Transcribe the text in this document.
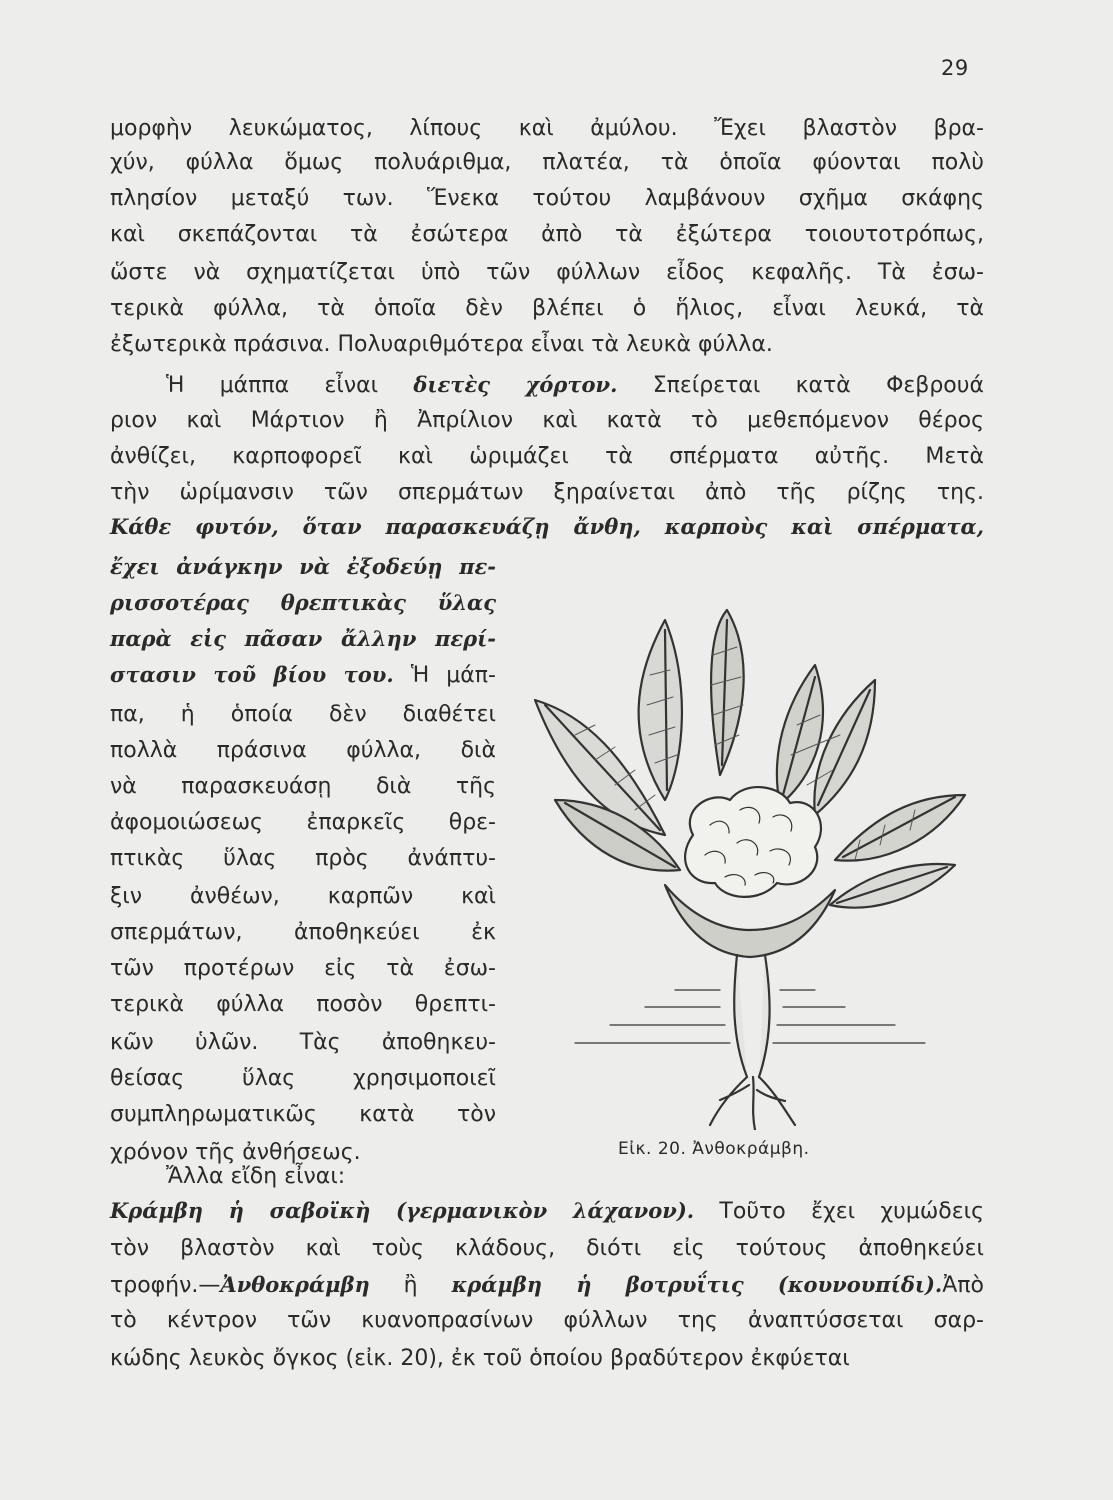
29
μορφὴν λευκώματος, λίπους καὶ ἀμύλου. Ἔχει βλαστὸν βρα-
χύν, φύλλα ὅμως πολυάριθμα, πλατέα, τὰ ὁποῖα φύονται πολὺ
πλησίον μεταξύ των. Ἕνεκα τούτου λαμβάνουν σχῆμα σκάφης
καὶ σκεπάζονται τὰ ἐσώτερα ἀπὸ τὰ ἐξώτερα τοιουτοτρόπως,
ὥστε νὰ σχηματίζεται ὑπὸ τῶν φύλλων εἶδος κεφαλῆς. Τὰ ἐσω-
τερικὰ φύλλα, τὰ ὁποῖα δὲν βλέπει ὁ ἥλιος, εἶναι λευκά, τὰ
ἐξωτερικὰ πράσινα. Πολυαριθμότερα εἶναι τὰ λευκὰ φύλλα.
Ἡ μάππα εἶναι διετὲς χόρτον. Σπείρεται κατὰ Φεβρουά
ριον καὶ Μάρτιον ἢ Ἀπρίλιον καὶ κατὰ τὸ μεθεπόμενον θέρος
ἀνθίζει, καρποφορεῖ καὶ ὡριμάζει τὰ σπέρματα αὐτῆς. Μετὰ
τὴν ὡρίμανσιν τῶν σπερμάτων ξηραίνεται ἀπὸ τῆς ρίζης της.
Κάθε φυτόν, ὅταν παρασκευάζῃ ἄνθη, καρποὺς καὶ σπέρματα,
ἔχει ἀνάγκην νὰ ἐξοδεύῃ πε-
ρισσοτέρας θρεπτικὰς ὕλας
παρὰ εἰς πᾶσαν ἄλλην περί-
στασιν τοῦ βίου του. Ἡ μάπ-
πα, ἡ ὁποία δὲν διαθέτει
πολλὰ πράσινα φύλλα, διὰ
νὰ παρασκευάσῃ διὰ τῆς
ἀφομοιώσεως ἐπαρκεῖς θρε-
πτικὰς ὕλας πρὸς ἀνάπτυ-
ξιν ἀνθέων, καρπῶν καὶ
σπερμάτων, ἀποθηκεύει ἐκ
τῶν προτέρων εἰς τὰ ἐσω-
τερικὰ φύλλα ποσὸν θρεπτι-
κῶν ὑλῶν. Τὰς ἀποθηκευ-
θείσας ὕλας χρησιμοποιεῖ
συμπληρωματικῶς κατὰ τὸν
χρόνον τῆς ἀνθήσεως.
Ἄλλα εἴδη εἶναι:
Κράμβη ἡ σαβοϊκὴ (γερμανικὸν λάχανον). Τοῦτο ἔχει χυμώδεις
τὸν βλαστὸν καὶ τοὺς κλάδους, διότι εἰς τούτους ἀποθηκεύει
τροφήν.—Ἀνθοκράμβη ἢ κράμβη ἡ βοτρυΐτις (κουνουπίδι).Ἀπὸ
τὸ κέντρον τῶν κυανοπρασίνων φύλλων της ἀναπτύσσεται σαρ-
κώδης λευκὸς ὄγκος (εἰκ. 20), ἐκ τοῦ ὁποίου βραδύτερον ἐκφύεται
Εἰκ. 20. Ἀνθοκράμβη.
